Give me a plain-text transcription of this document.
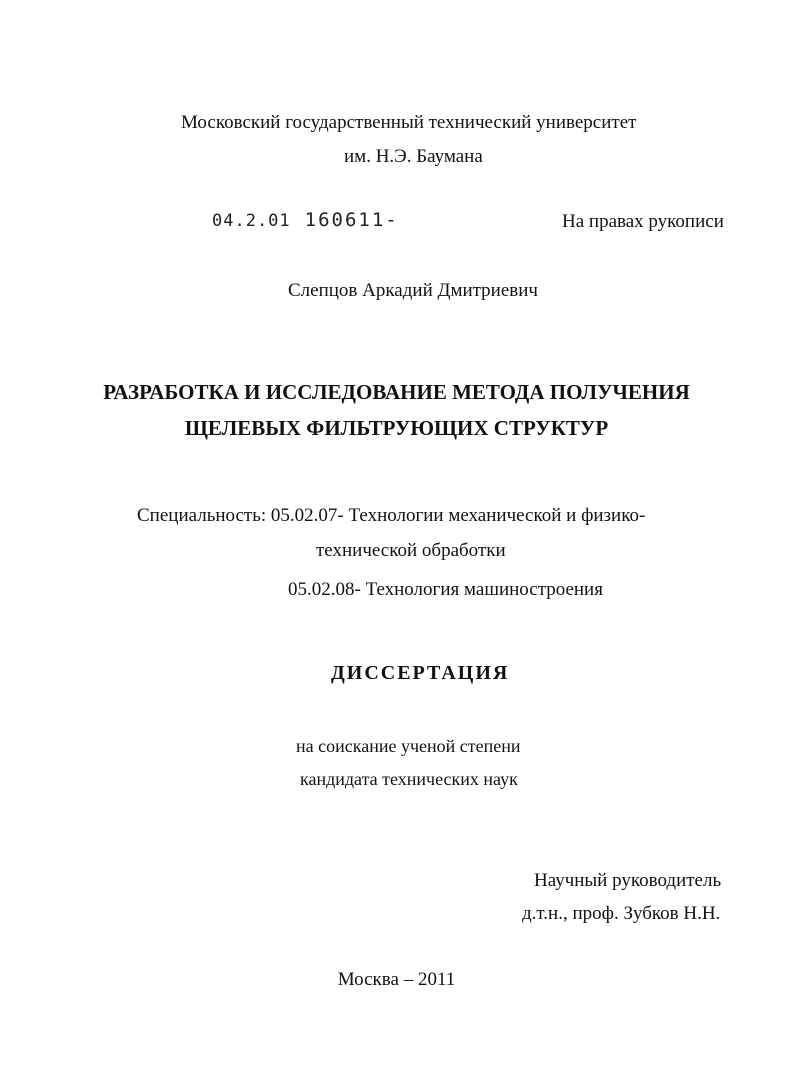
Московский государственный технический университет
им. Н.Э. Баумана
04.2.01 160611-	На правах рукописи
Слепцов Аркадий Дмитриевич
РАЗРАБОТКА И ИССЛЕДОВАНИЕ МЕТОДА ПОЛУЧЕНИЯ
ЩЕЛЕВЫХ ФИЛЬТРУЮЩИХ СТРУКТУР
Специальность: 05.02.07- Технологии механической и физико-
технической обработки
05.02.08- Технология машиностроения
ДИССЕРТАЦИЯ
на соискание ученой степени
кандидата технических наук
Научный руководитель
д.т.н., проф. Зубков Н.Н.
Москва – 2011
